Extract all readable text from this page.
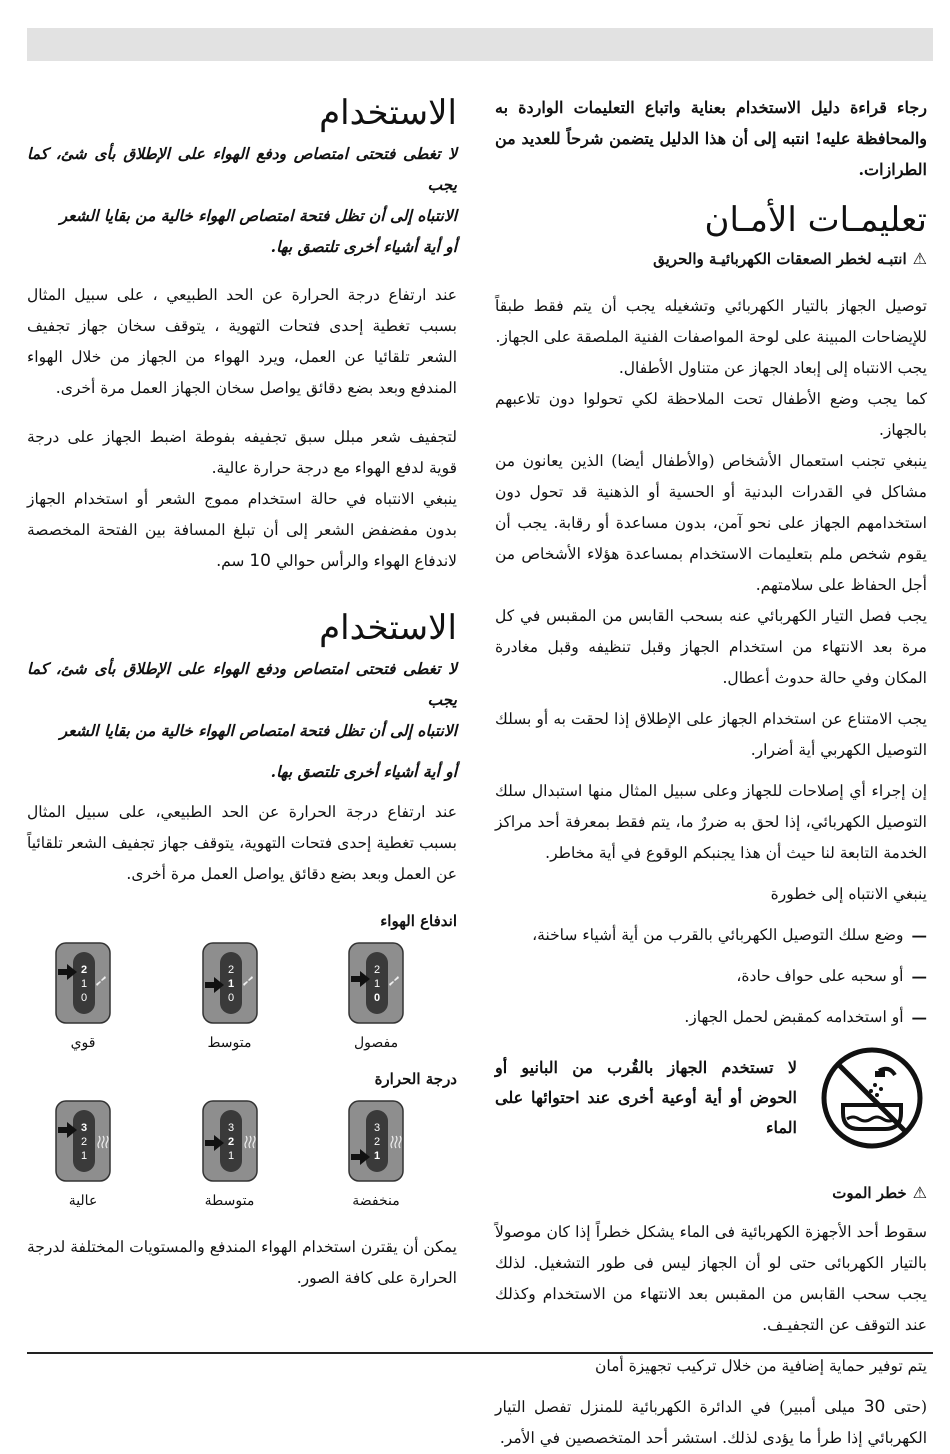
رجاء قراءة دليل الاستخدام بعناية واتباع التعليمات الواردة به والمحافظة عليه! انتبه إلى أن هذا الدليل يتضمن شرحاً للعديد من الطرازات.

تعليمـات الأمـان
⚠
انتبـه لخطر الصعقات الكهربائيـة والحريق

توصيل الجهاز بالتيار الكهربائي وتشغيله يجب أن يتم فقط طبقاً للإيضاحات المبينة على لوحة المواصفات الفنية الملصقة على الجهاز.

يجب الانتباه إلى إبعاد الجهاز عن متناول الأطفال.

كما يجب وضع الأطفال تحت الملاحظة لكي تحولوا دون تلاعبهم بالجهاز.

ينبغي تجنب استعمال الأشخاص (والأطفال أيضا) الذين يعانون من مشاكل في القدرات البدنية أو الحسية أو الذهنية قد تحول دون استخدامهم الجهاز على نحو آمن، بدون مساعدة أو رقابة. يجب أن يقوم شخص ملم بتعليمات الاستخدام بمساعدة هؤلاء الأشخاص من أجل الحفاظ على سلامتهم.

يجب فصل التيار الكهربائي عنه بسحب القابس من المقبس في كل مرة بعد الانتهاء من استخدام الجهاز وقبل تنظيفه وقبل مغادرة المكان وفي حالة حدوث أعطال.

يجب الامتناع عن استخدام الجهاز على الإطلاق إذا لحقت به أو بسلك التوصيل الكهربي أية أضرار.

إن إجراء أي إصلاحات للجهاز وعلى سبيل المثال منها استبدال سلك التوصيل الكهربائي، إذا لحق به ضررٌ ما، يتم فقط بمعرفة أحد مراكز الخدمة التابعة لنا حيث أن هذا يجنبكم الوقوع في أية مخاطر.

ينبغي الانتباه إلى خطورة

—
وضع سلك التوصيل الكهربائي بالقرب من أية أشياء ساخنة،
—
أو سحبه على حواف حادة،
—
أو استخدامه كمقبض لحمل الجهاز.
لا تستخدم الجهاز بالقُرب من البانيو أو الحوض أو أية أوعية أخرى عند احتوائها على الماء
⚠
خطر الموت

سقوط أحد الأجهزة الكهربائية فى الماء يشكل خطراً إذا كان موصولاً بالتيار الكهربائى حتى لو أن الجهاز ليس فى طور التشغيل. لذلك يجب سحب القابس من المقبس بعد الانتهاء من الاستخدام وكذلك عند التوقف عن التجفيـف.

يتم توفير حماية إضافية من خلال تركيب تجهيزة أمان

(حتى 30 ميلى أمبير) في الدائرة الكهربائية للمنزل تفصل التيار الكهربائي إذا طرأ ما يؤدى لذلك. استشر أحد المتخصصين في الأمر.

الاستخدام
لا تغطى فتحتى امتصاص ودفع الهواء على الإطلاق بأى شئ، كما يجب
الانتباه إلى أن تظل فتحة امتصاص الهواء خالية من بقايا الشعر
أو أية أشياء أخرى تلتصق بها.

عند ارتفاع درجة الحرارة عن الحد الطبيعي ، على سبيل المثال بسبب تغطية إحدى فتحات التهوية ، يتوقف سخان جهاز تجفيف الشعر تلقائيا عن العمل، ويرد الهواء من الجهاز من خلال الهواء المندفع وبعد بضع دقائق يواصل سخان الجهاز العمل مرة أخرى.

لتجفيف شعر مبلل سبق تجفيفه بفوطة اضبط الجهاز على درجة قوية لدفع الهواء مع درجة حرارة عالية.

ينبغي الانتباه في حالة استخدام مموج الشعر أو استخدام الجهاز بدون مفضفض الشعر إلى أن تبلغ المسافة بين الفتحة المخصصة لاندفاع الهواء والرأس حوالي 10 سم.

الاستخدام
لا تغطى فتحتى امتصاص ودفع الهواء على الإطلاق بأى شئ، كما يجب
الانتباه إلى أن تظل فتحة امتصاص الهواء خالية من بقايا الشعر
أو أية أشياء أخرى تلتصق بها.

عند ارتفاع درجة الحرارة عن الحد الطبيعي، على سبيل المثال بسبب تغطية إحدى فتحات التهوية، يتوقف جهاز تجفيف الشعر تلقائياً عن العمل وبعد بضع دقائق يواصل العمل مرة أخرى.

اندفاع الهواء
2
1
0
مفصول
2
1
0
متوسط
2
1
0
قوي
درجة الحرارة
3
2
1
منخفضة
3
2
1
متوسطة
3
2
1
عالية

يمكن أن يقترن استخدام الهواء المندفع والمستويات المختلفة لدرجة الحرارة على كافة الصور.
